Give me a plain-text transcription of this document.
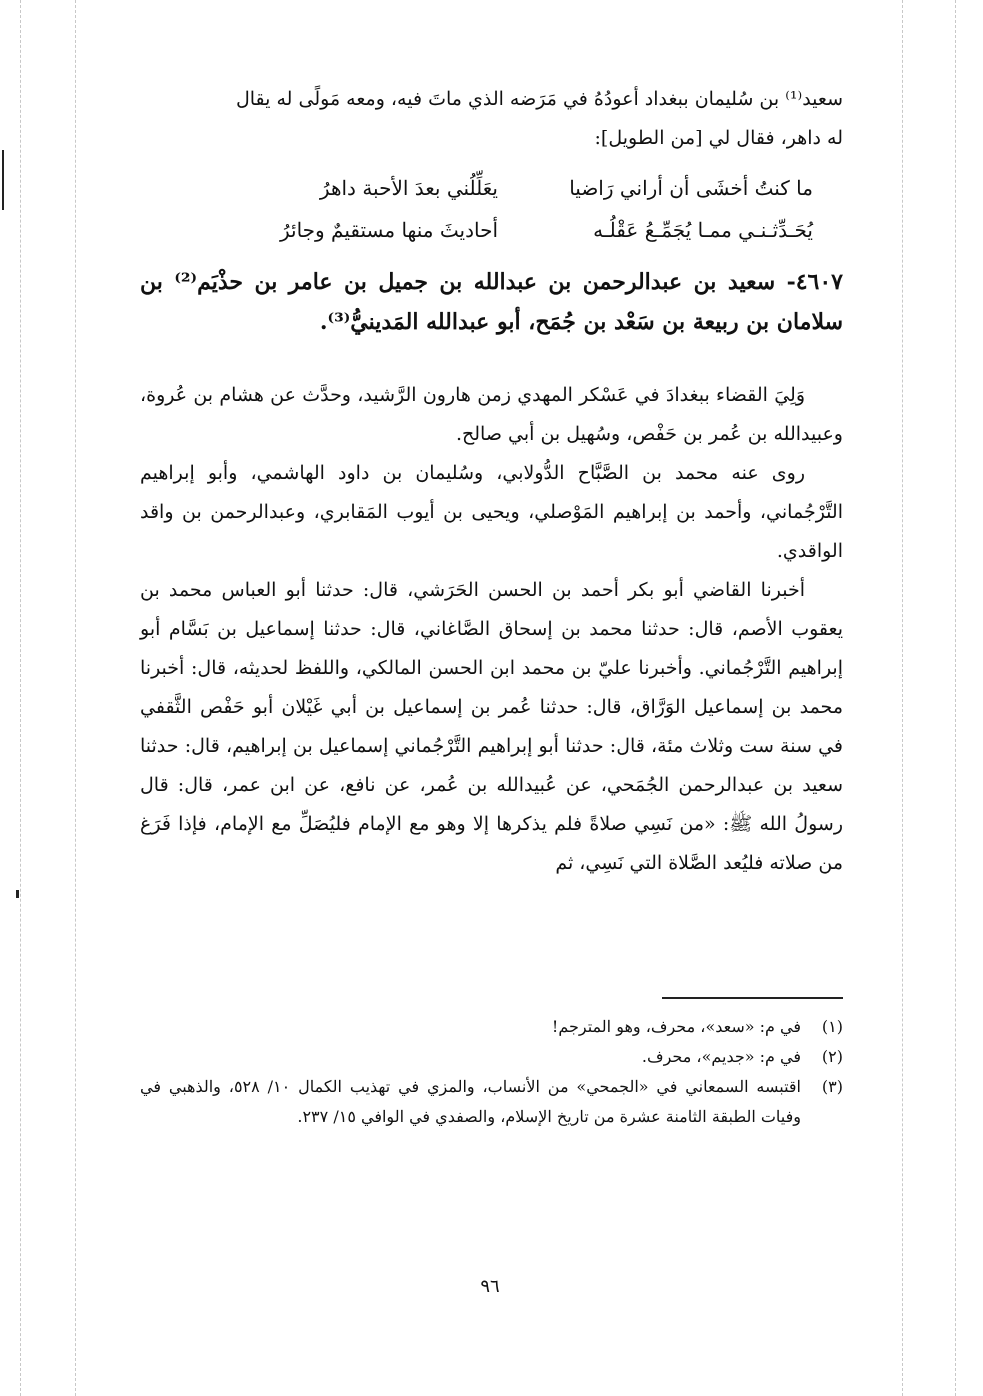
سعيد⁽¹⁾ بن سُليمان ببغداد أعودُهُ في مَرَضه الذي ماتَ فيه، ومعه مَولًى له يقال

له داهر، فقال لي [من الطويل]:

ما كنتُ أخشَى أن أراني رَاضيا
يعَلِّلُني بعدَ الأحبة داهرُ
يُحَـدِّثـنـي ممـا يُجَمِّـعُ عَقْلُـه
أحاديثَ منها مستقيمٌ وجائرُ
٤٦٠٧- سعيد بن عبدالرحمن بن عبدالله بن جميل بن عامر بن حذْيَم⁽²⁾ بن سلامان بن ربيعة بن سَعْد بن جُمَح، أبو عبدالله المَدينيُّ⁽³⁾.

وَلِيَ القضاء ببغدادَ في عَسْكر المهدي زمن هارون الرَّشيد، وحدَّث عن هشام بن عُروة، وعبيدالله بن عُمر بن حَفْص، وسُهيل بن أبي صالح.

روى عنه محمد بن الصَّبَّاح الدُّولابي، وسُليمان بن داود الهاشمي، وأبو إبراهيم التَّرْجُماني، وأحمد بن إبراهيم المَوْصلي، ويحيى بن أيوب المَقابري، وعبدالرحمن بن واقد الواقدي.

أخبرنا القاضي أبو بكر أحمد بن الحسن الحَرَشي، قال: حدثنا أبو العباس محمد بن يعقوب الأصم، قال: حدثنا محمد بن إسحاق الصَّاغاني، قال: حدثنا إسماعيل بن بَسَّام أبو إبراهيم التَّرْجُماني. وأخبرنا عليّ بن محمد ابن الحسن المالكي، واللفظ لحديثه، قال: أخبرنا محمد بن إسماعيل الوَرَّاق، قال: حدثنا عُمر بن إسماعيل بن أبي غَيْلان أبو حَفْص الثَّقفي في سنة ست وثلاث مئة، قال: حدثنا أبو إبراهيم التَّرْجُماني إسماعيل بن إبراهيم، قال: حدثنا سعيد بن عبدالرحمن الجُمَحي، عن عُبيدالله بن عُمر، عن نافع، عن ابن عمر، قال: قال رسولُ الله ﷺ: «من نَسِي صلاةً فلم يذكرها إلا وهو مع الإمام فليُصَلِّ مع الإمام، فإذا فَرَغ من صلاته فليُعد الصَّلاة التي نَسِي، ثم

(١)
في م: «سعد»، محرف، وهو المترجم!
(٢)
في م: «جديم»، محرف.
(٣)
اقتبسه السمعاني في «الجمحي» من الأنساب، والمزي في تهذيب الكمال ١٠/ ٥٢٨، والذهبي في وفيات الطبقة الثامنة عشرة من تاريخ الإسلام، والصفدي في الوافي ١٥/ ٢٣٧.
٩٦
